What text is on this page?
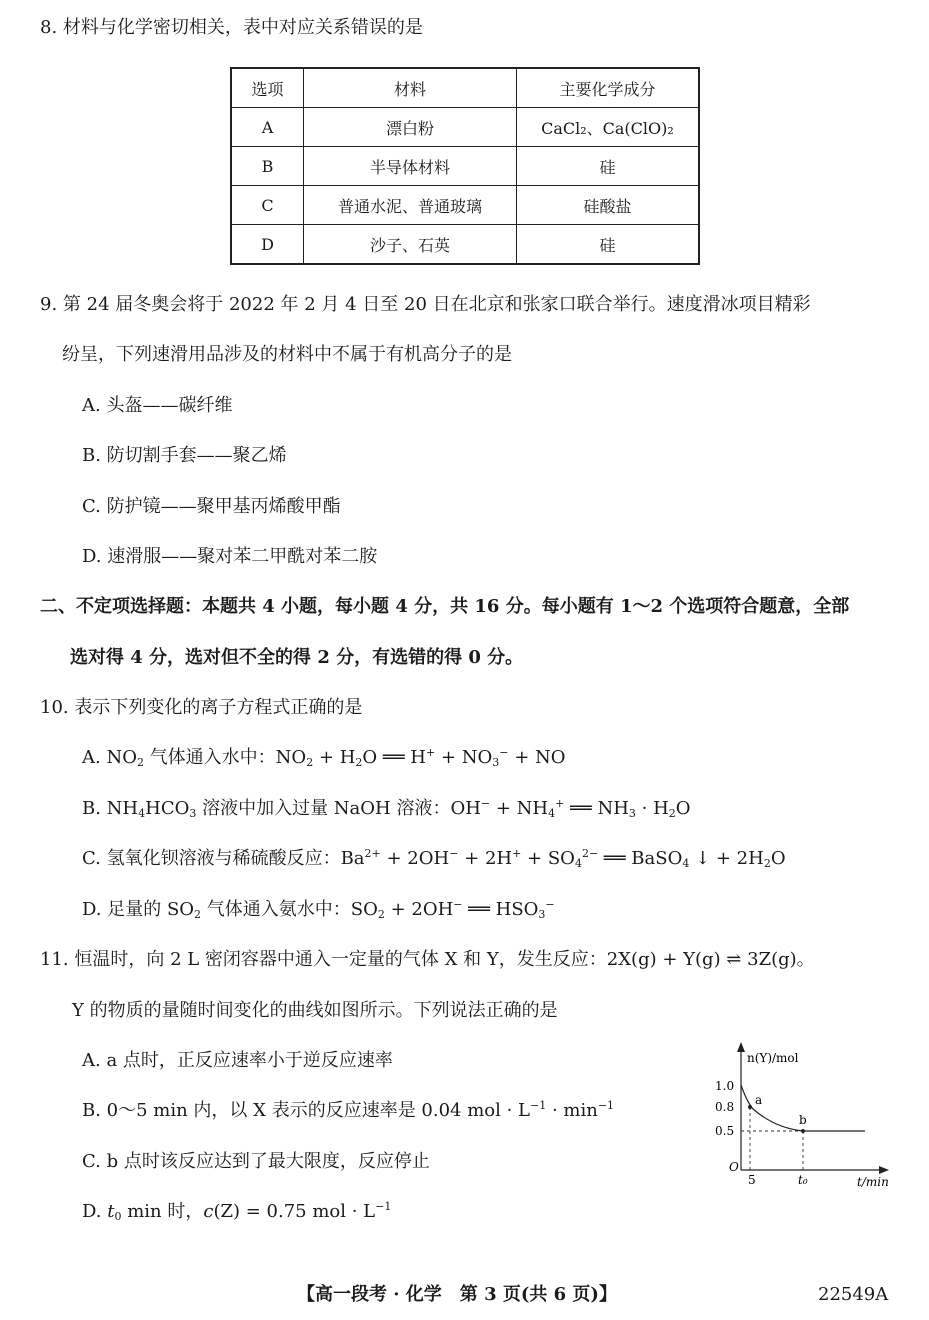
8. 材料与化学密切相关，表中对应关系错误的是
选项	材料	主要化学成分
A	漂白粉	CaCl₂、Ca(ClO)₂
B	半导体材料	硅
C	普通水泥、普通玻璃	硅酸盐
D	沙子、石英	硅
9. 第 24 届冬奥会将于 2022 年 2 月 4 日至 20 日在北京和张家口联合举行。速度滑冰项目精彩
纷呈，下列速滑用品涉及的材料中不属于有机高分子的是
A. 头盔——碳纤维
B. 防切割手套——聚乙烯
C. 防护镜——聚甲基丙烯酸甲酯
D. 速滑服——聚对苯二甲酰对苯二胺
二、不定项选择题：本题共 4 小题，每小题 4 分，共 16 分。每小题有 1～2 个选项符合题意，全部
选对得 4 分，选对但不全的得 2 分，有选错的得 0 分。
10. 表示下列变化的离子方程式正确的是
A. $NO_2$ 气体通入水中：$NO_2 + H_2O$ ══ $H^+ + NO_3^-$ + NO
B. $NH_4HCO_3$ 溶液中加入过量 NaOH 溶液：$OH^- + NH_4^+$ ══ $NH_3 \cdot H_2O$
C. 氢氧化钡溶液与稀硫酸反应：$Ba^{2+} + 2OH^- + 2H^+ + SO_4^{2-}$ ══ BaSO$_4$ ↓ + $2H_2O$
D. 足量的 $SO_2$ 气体通入氨水中：$SO_2 + 2OH^-$ ══ $HSO_3^-$
11. 恒温时，向 2 L 密闭容器中通入一定量的气体 X 和 Y，发生反应：2X(g) + Y(g) ⇌ 3Z(g)。
Y 的物质的量随时间变化的曲线如图所示。下列说法正确的是
A. a 点时，正反应速率小于逆反应速率
B. 0～5 min 内，以 X 表示的反应速率是 0.04 mol · $L^{-1} \cdot \min^{-1}$
C. b 点时该反应达到了最大限度，反应停止
D. $t_0$ min 时，c(Z) = 0.75 mol · $L^{-1}$
n(Y)/mol
1.0
0.8
0.5
O
5	t₀	t/min
a
b
【高一段考 · 化学　第 3 页(共 6 页)】	22549A
